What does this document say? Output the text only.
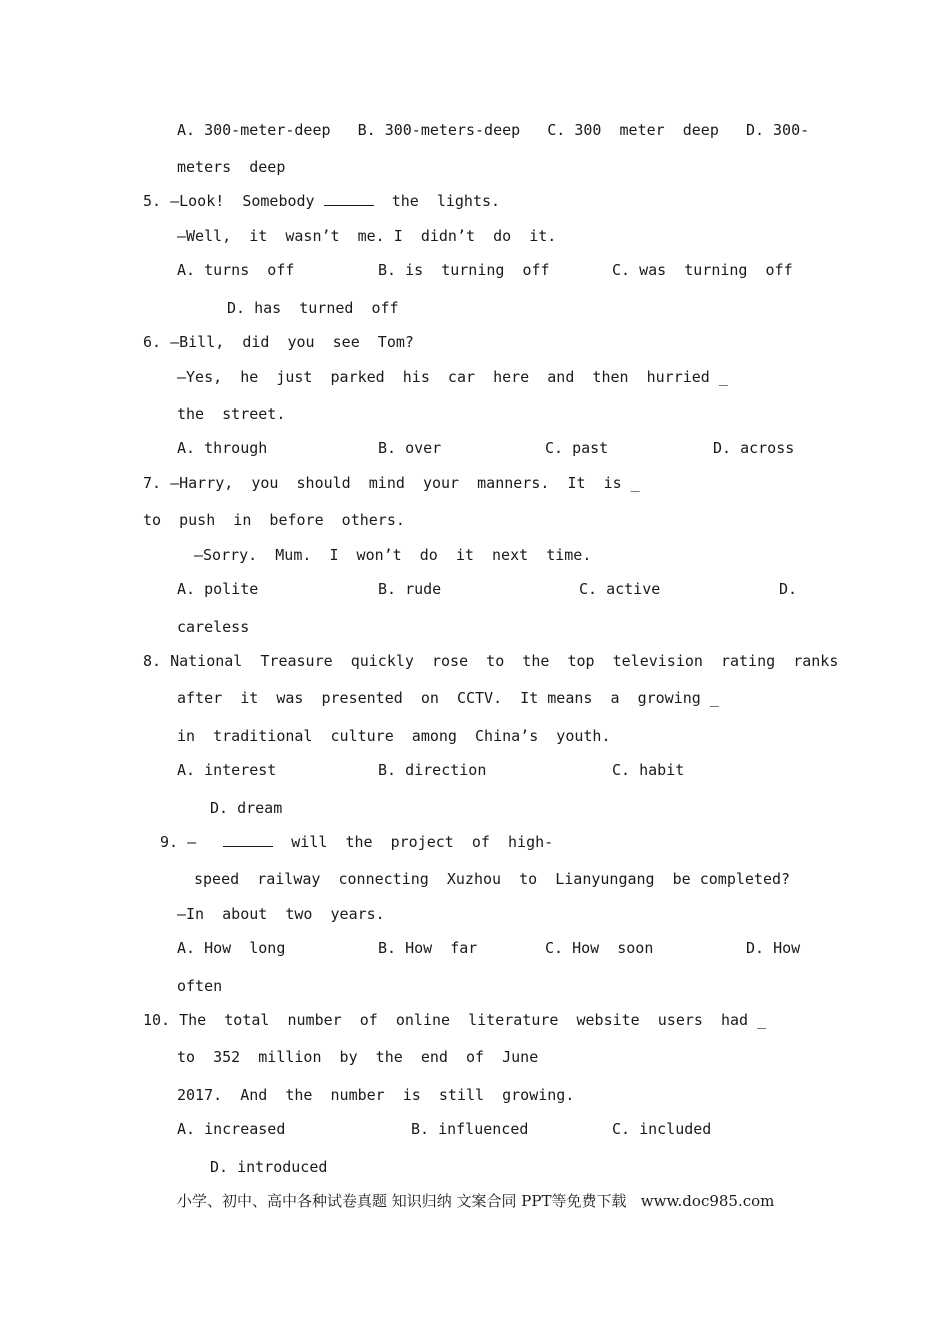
A. 300-meter-deep   B. 300-meters-deep   C. 300  meter  deep   D. 300-
meters  deep
5. —Look!  Somebody	the  lights.
—Well,  it  wasn’t  me. I  didn’t  do  it.
A. turns  off	B. is  turning  off	C. was  turning  off
D. has  turned  off
6. —Bill,  did  you  see  Tom?
—Yes,  he  just  parked  his  car  here  and  then  hurried _
the  street.
A. through	B. over	C. past	D. across
7. —Harry,  you  should  mind  your  manners.  It  is _
to  push  in  before  others.
—Sorry.  Mum.  I  won’t  do  it  next  time.
A. polite	B. rude	C. active	D.
careless
8. National  Treasure  quickly  rose  to  the  top  television  rating  ranks
after  it  was  presented  on  CCTV.  It means  a  growing _
in  traditional  culture  among  China’s  youth.
A. interest	B. direction	C. habit
D. dream
9. —	will  the  project  of  high-
speed  railway  connecting  Xuzhou  to  Lianyungang  be completed?
—In  about  two  years.
A. How  long	B. How  far	C. How  soon	D. How
often
10. The  total  number  of  online  literature  website  users  had _
to  352  million  by  the  end  of  June
2017.  And  the  number  is  still  growing.
A. increased	B. influenced	C. included
D. introduced
小学、初中、高中各种试卷真题 知识归纳 文案合同 PPT等免费下载   www.doc985.com
